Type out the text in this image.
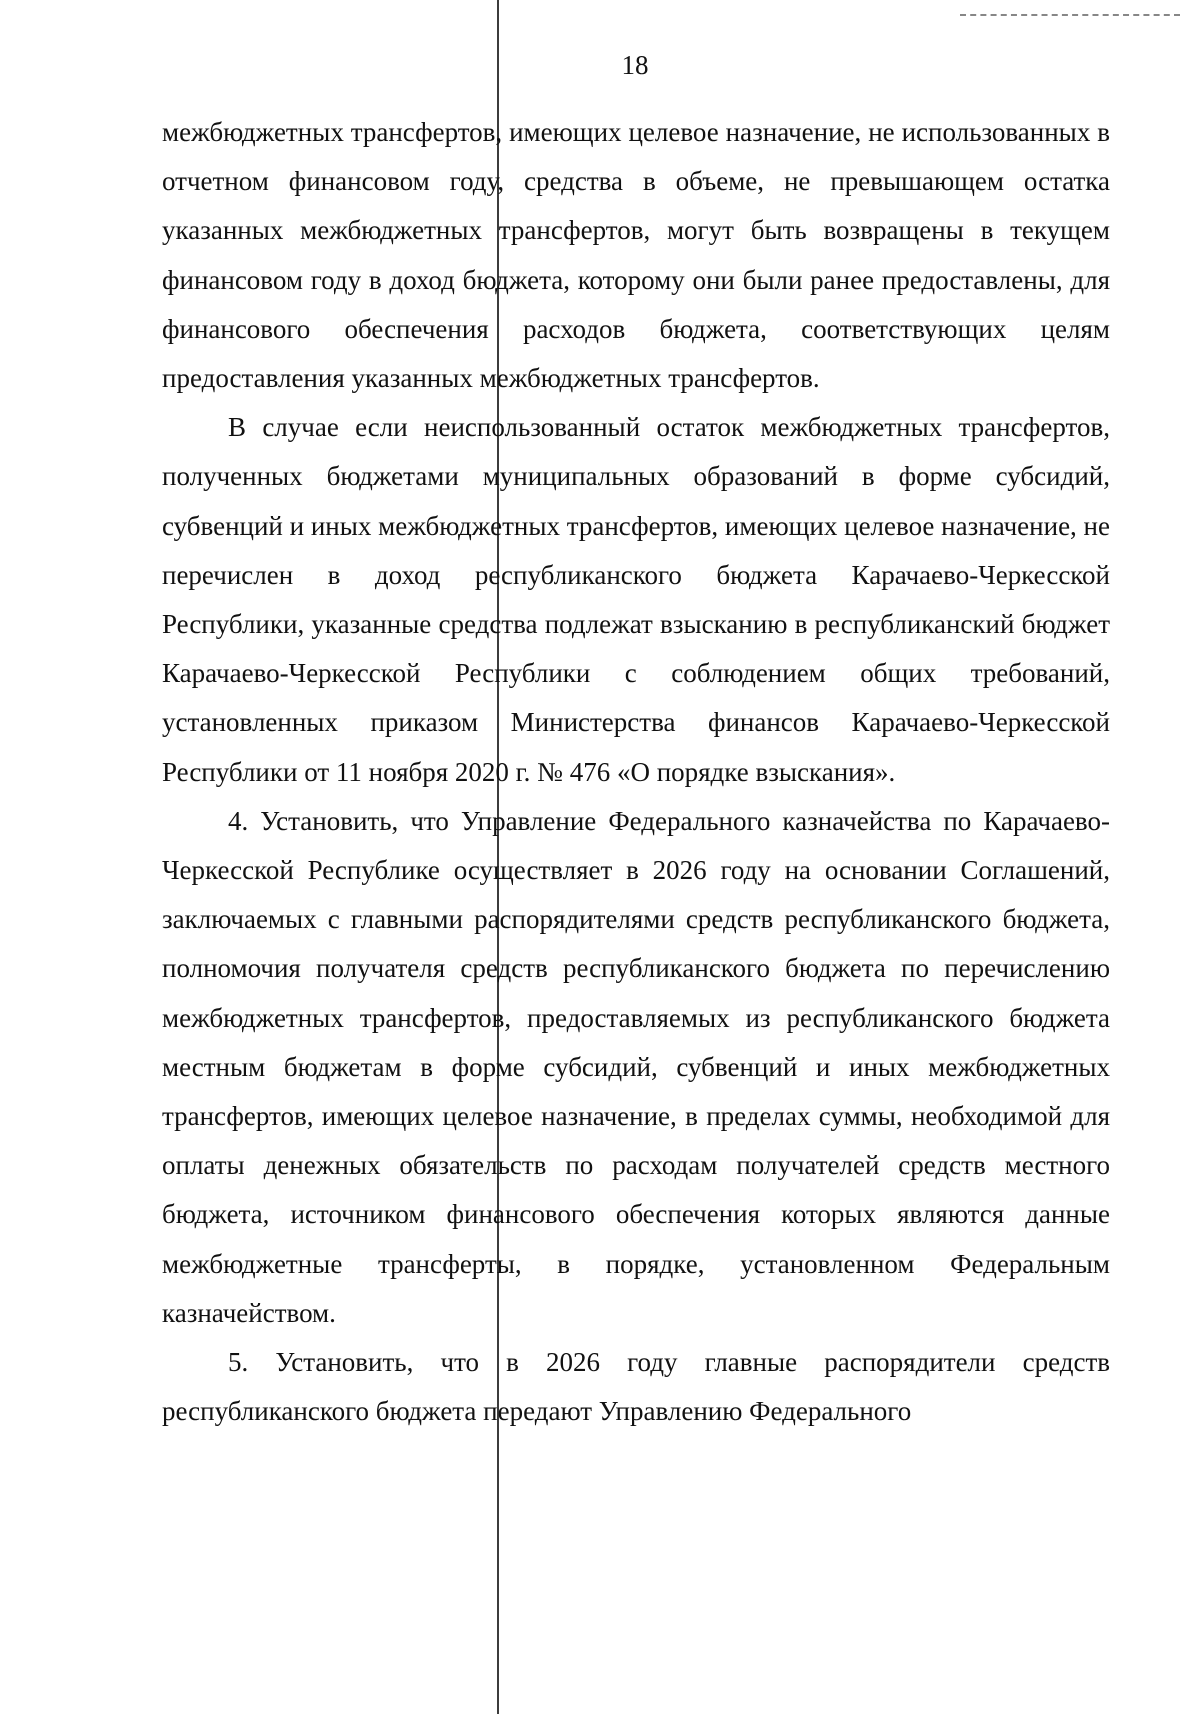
18

межбюджетных трансфертов, имеющих целевое назначение, не использованных в отчетном финансовом году, средства в объеме, не превышающем остатка указанных межбюджетных трансфертов, могут быть возвращены в текущем финансовом году в доход бюджета, которому они были ранее предоставлены, для финансового обеспечения расходов бюджета, соответствующих целям предоставления указанных межбюджетных трансфертов.

В случае если неиспользованный остаток межбюджетных трансфертов, полученных бюджетами муниципальных образований в форме субсидий, субвенций и иных межбюджетных трансфертов, имеющих целевое назначение, не перечислен в доход республиканского бюджета Карачаево-Черкесской Республики, указанные средства подлежат взысканию в республиканский бюджет Карачаево-Черкесской Республики с соблюдением общих требований, установленных приказом Министерства финансов Карачаево-Черкесской Республики от 11 ноября 2020 г. № 476 «О порядке взыскания».

4. Установить, что Управление Федерального казначейства по Карачаево-Черкесской Республике осуществляет в 2026 году на основании Соглашений, заключаемых с главными распорядителями средств республиканского бюджета, полномочия получателя средств республиканского бюджета по перечислению межбюджетных трансфертов, предоставляемых из республиканского бюджета местным бюджетам в форме субсидий, субвенций и иных межбюджетных трансфертов, имеющих целевое назначение, в пределах суммы, необходимой для оплаты денежных обязательств по расходам получателей средств местного бюджета, источником финансового обеспечения которых являются данные межбюджетные трансферты, в порядке, установленном Федеральным казначейством.

5. Установить, что в 2026 году главные распорядители средств республиканского бюджета передают Управлению Федерального
